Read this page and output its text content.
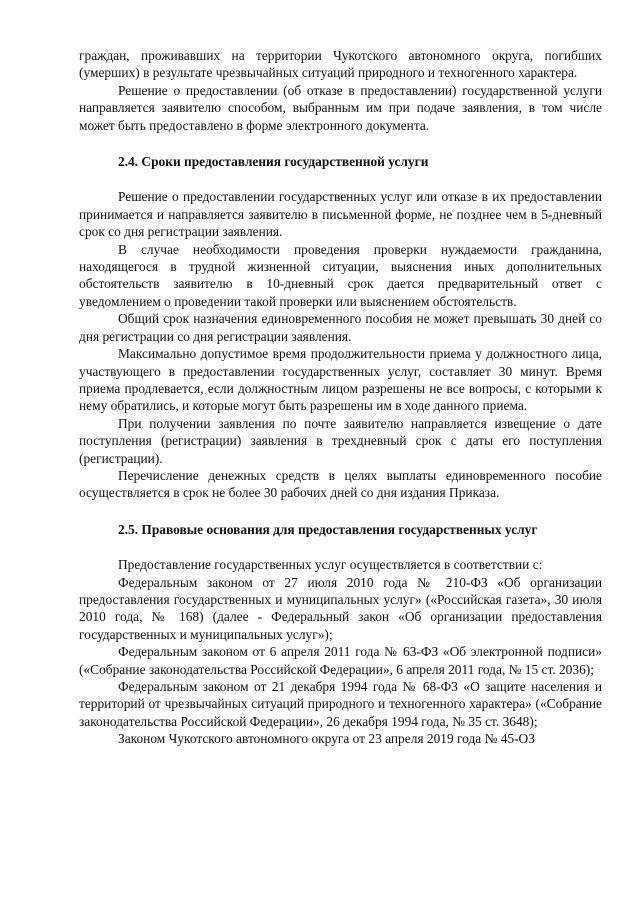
граждан, проживавших на территории Чукотского автономного округа, погибших (умерших) в результате чрезвычайных ситуаций природного и техногенного характера.

Решение о предоставлении (об отказе в предоставлении) государственной услуги направляется заявителю способом, выбранным им при подаче заявления, в том числе может быть предоставлено в форме электронного документа.

2.4. Сроки предоставления государственной услуги

Решение о предоставлении государственных услуг или отказе в их предоставлении принимается и направляется заявителю в письменной форме, не позднее чем в 5-дневный срок со дня регистрации заявления.

В случае необходимости проведения проверки нуждаемости гражданина, находящегося в трудной жизненной ситуации, выяснения иных дополнительных обстоятельств заявителю в 10-дневный срок дается предварительный ответ с уведомлением о проведении такой проверки или выяснением обстоятельств.

Общий срок назначения единовременного пособия не может превышать 30 дней со дня регистрации со дня регистрации заявления.

Максимально допустимое время продолжительности приема у должностного лица, участвующего в предоставлении государственных услуг, составляет 30 минут. Время приема продлевается, если должностным лицом разрешены не все вопросы, с которыми к нему обратились, и которые могут быть разрешены им в ходе данного приема.

При получении заявления по почте заявителю направляется извещение о дате поступления (регистрации) заявления в трехдневный срок с даты его поступления (регистрации).

Перечисление денежных средств в целях выплаты единовременного пособие осуществляется в срок не более 30 рабочих дней со дня издания Приказа.

2.5. Правовые основания для предоставления государственных услуг

Предоставление государственных услуг осуществляется в соответствии с:

Федеральным законом от 27 июля 2010 года № 210-ФЗ «Об организации предоставления государственных и муниципальных услуг» («Российская газета», 30 июля 2010 года, № 168) (далее - Федеральный закон «Об организации предоставления государственных и муниципальных услуг»);

Федеральным законом от 6 апреля 2011 года № 63-ФЗ «Об электронной подписи» («Собрание законодательства Российской Федерации», 6 апреля 2011 года, № 15 ст. 2036);

Федеральным законом от 21 декабря 1994 года № 68-ФЗ «О защите населения и территорий от чрезвычайных ситуаций природного и техногенного характера» («Собрание законодательства Российской Федерации», 26 декабря 1994 года, № 35 ст. 3648);

Законом Чукотского автономного округа от 23 апреля 2019 года № 45-ОЗ
